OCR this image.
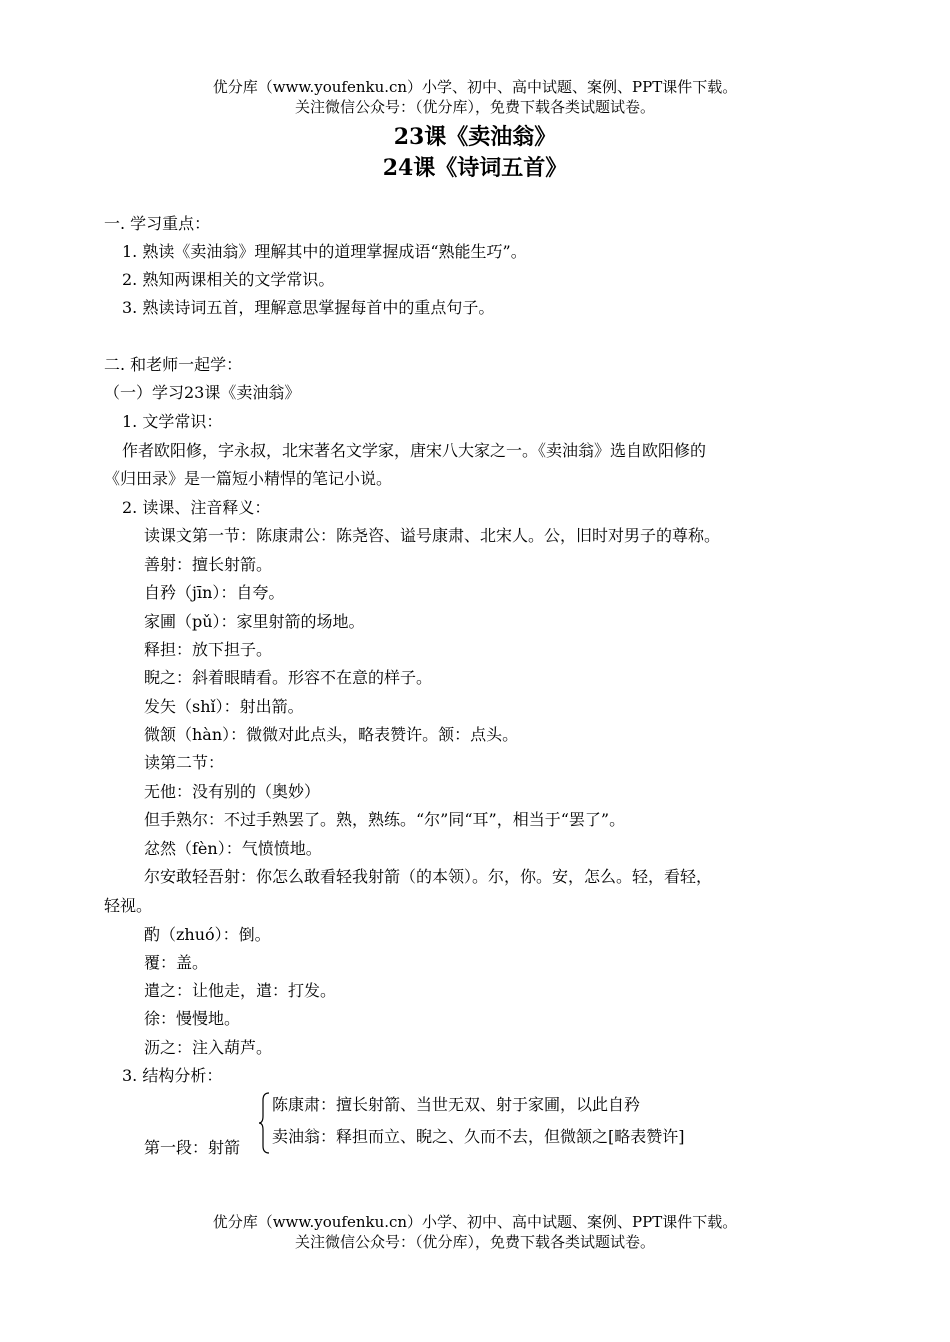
优分库（www.youfenku.cn）小学、初中、高中试题、案例、PPT课件下载。
关注微信公众号：（优分库），免费下载各类试题试卷。
23课《卖油翁》
24课《诗词五首》
一. 学习重点：
1. 熟读《卖油翁》理解其中的道理掌握成语“熟能生巧”。
2. 熟知两课相关的文学常识。
3. 熟读诗词五首，理解意思掌握每首中的重点句子。
二. 和老师一起学：
（一）学习23课《卖油翁》
1. 文学常识：
作者欧阳修，字永叔，北宋著名文学家，唐宋八大家之一。《卖油翁》选自欧阳修的
《归田录》是一篇短小精悍的笔记小说。
2. 读课、注音释义：
读课文第一节：陈康肃公：陈尧咨、谥号康肃、北宋人。公，旧时对男子的尊称。
善射：擅长射箭。
自矜（jīn）：自夸。
家圃（pǔ）：家里射箭的场地。
释担：放下担子。
睨之：斜着眼睛看。形容不在意的样子。
发矢（shǐ）：射出箭。
微颔（hàn）：微微对此点头，略表赞许。颔：点头。
读第二节：
无他：没有别的（奥妙）
但手熟尔：不过手熟罢了。熟，熟练。“尔”同“耳”，相当于“罢了”。
忿然（fèn）：气愤愤地。
尔安敢轻吾射：你怎么敢看轻我射箭（的本领）。尔，你。安，怎么。轻，看轻，
轻视。
酌（zhuó）：倒。
覆：盖。
遣之：让他走，遣：打发。
徐：慢慢地。
沥之：注入葫芦。
3. 结构分析：
陈康肃：擅长射箭、当世无双、射于家圃，以此自矜
卖油翁：释担而立、睨之、久而不去，但微颔之[略表赞许]
第一段：射箭
优分库（www.youfenku.cn）小学、初中、高中试题、案例、PPT课件下载。
关注微信公众号：（优分库），免费下载各类试题试卷。
